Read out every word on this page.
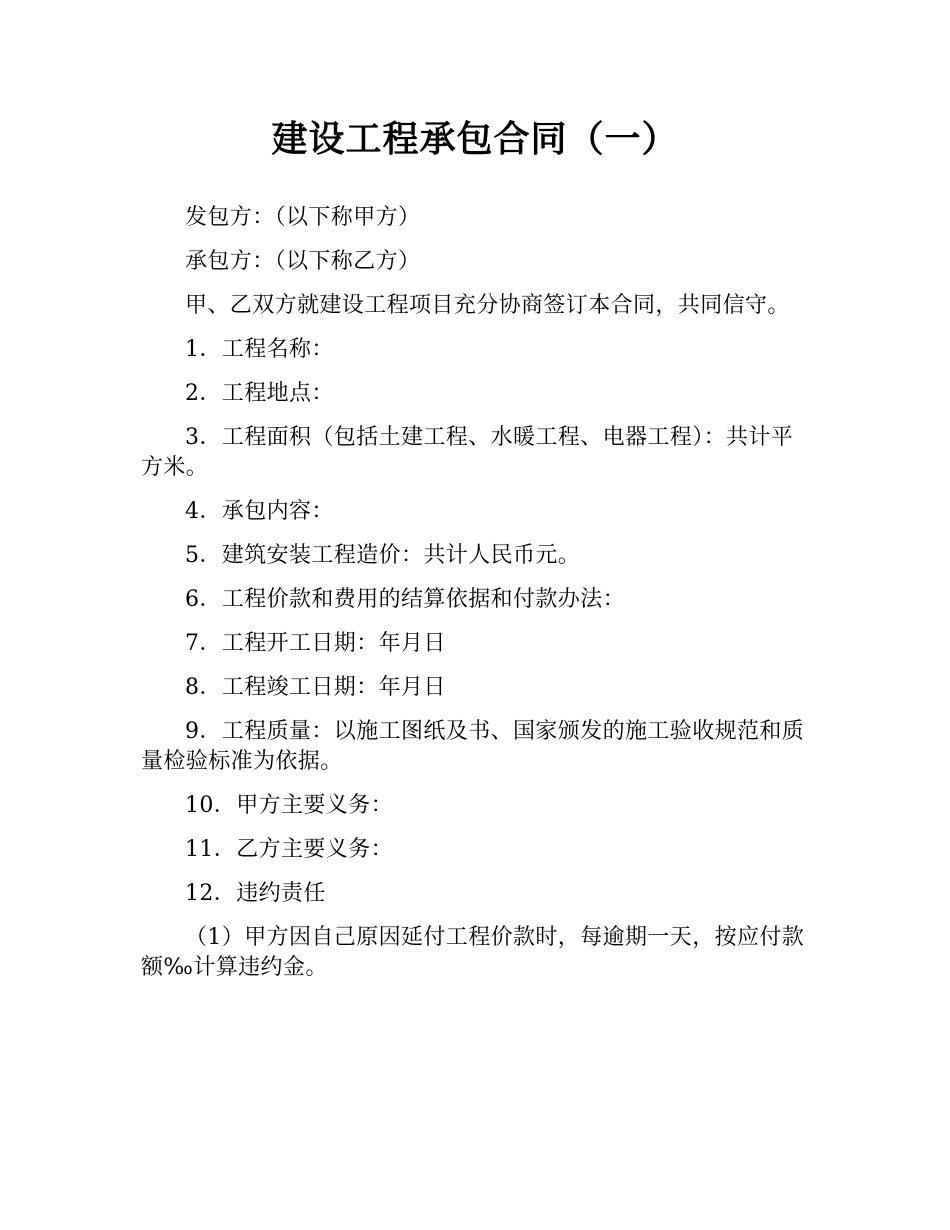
建设工程承包合同（一）

发包方：（以下称甲方）

承包方：（以下称乙方）

甲、乙双方就建设工程项目充分协商签订本合同，共同信守。

1．工程名称：

2．工程地点：

3．工程面积（包括土建工程、水暖工程、电器工程）：共计平方米。

4．承包内容：

5．建筑安装工程造价：共计人民币元。

6．工程价款和费用的结算依据和付款办法：

7．工程开工日期：年月日

8．工程竣工日期：年月日

9．工程质量：以施工图纸及书、国家颁发的施工验收规范和质量检验标准为依据。

10．甲方主要义务：

11．乙方主要义务：

12．违约责任

（1）甲方因自己原因延付工程价款时，每逾期一天，按应付款额‰计算违约金。
